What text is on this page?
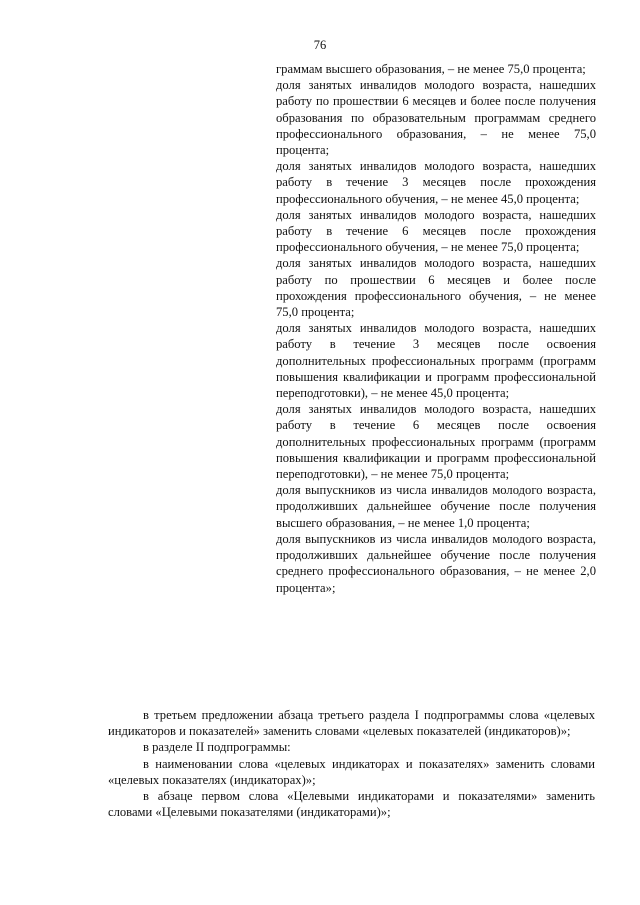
76

граммам высшего образования, – не менее 75,0 процента;

доля занятых инвалидов молодого возраста, нашедших работу по прошествии 6 месяцев и более после получения образования по образовательным программам среднего профессионального образования, – не менее 75,0 процента;

доля занятых инвалидов молодого возраста, нашедших работу в течение 3 месяцев после прохождения профессионального обучения, – не менее 45,0 процента;

доля занятых инвалидов молодого возраста, нашедших работу в течение 6 месяцев после прохождения профессионального обучения, – не менее 75,0 процента;

доля занятых инвалидов молодого возраста, нашедших работу по прошествии 6 месяцев и более после прохождения профессионального обучения, – не менее 75,0 процента;

доля занятых инвалидов молодого возраста, нашедших работу в течение 3 месяцев после освоения дополнительных профессиональных программ (программ повышения квалификации и программ профессиональной переподготовки), – не менее 45,0 процента;

доля занятых инвалидов молодого возраста, нашедших работу в течение 6 месяцев после освоения дополнительных профессиональных программ (программ повышения квалификации и программ профессиональной переподготовки), – не менее 75,0 процента;

доля выпускников из числа инвалидов молодого возраста, продолживших дальнейшее обучение после получения высшего образования, – не менее 1,0 процента;

доля выпускников из числа инвалидов молодого возраста, продолживших дальнейшее обучение после получения среднего профессионального образования, – не менее 2,0 процента»;

в третьем предложении абзаца третьего раздела I подпрограммы слова «целевых индикаторов и показателей» заменить словами «целевых показателей (индикаторов)»;

в разделе II подпрограммы:

в наименовании слова «целевых индикаторах и показателях» заменить словами «целевых показателях (индикаторах)»;

в абзаце первом слова «Целевыми индикаторами и показателями» заменить словами «Целевыми показателями (индикаторами)»;
